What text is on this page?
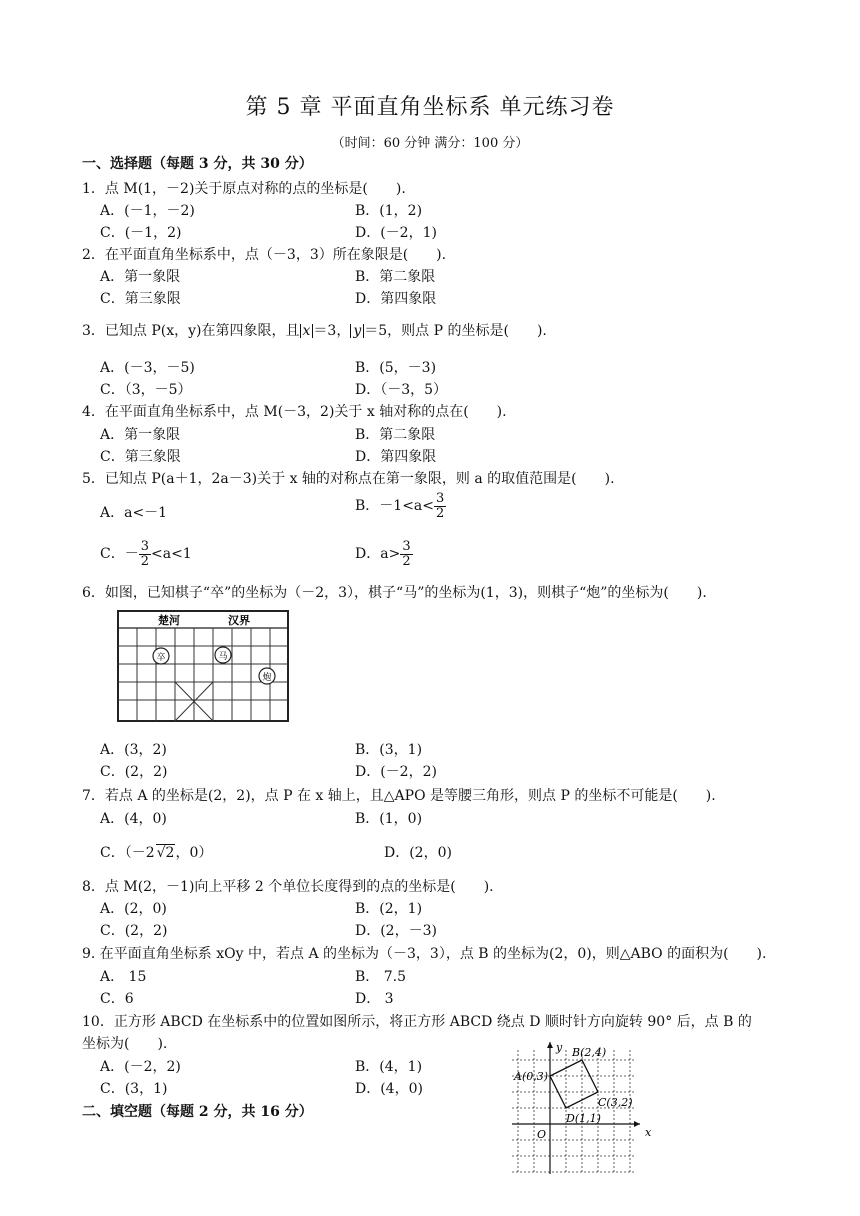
第 5 章 平面直角坐标系 单元练习卷
（时间：60 分钟 满分：100 分）
一、选择题（每题 3 分，共 30 分）
1．点 M(1，－2)关于原点对称的点的坐标是(　　).
A．(－1，－2)	B．(1，2)
C．(－1，2)	D．(－2，1)
2．在平面直角坐标系中，点（－3，3）所在象限是(　　).
A．第一象限	B．第二象限
C．第三象限	D．第四象限
3．已知点 P(x，y)在第四象限，且 x ＝3， y ＝5，则点 P 的坐标是(　　).
A．(－3，－5)	B．(5，－3)
C．（3，－5）	D．（－3，5）
4．在平面直角坐标系中，点 M(－3，2)关于 x 轴对称的点在(　　).
A．第一象限	B．第二象限
C．第三象限	D．第四象限
5．已知点 P(a＋1，2a－3)关于 x 轴的对称点在第一象限，则 a 的取值范围是(　　).
A．a<－1	B．$-1<a< \frac{3}{2}$
C．－ $\frac{3}{2} <a<1$	D．$a> \frac{3}{2}$
6．如图，已知棋子“卒”的坐标为（－2，3），棋子“马”的坐标为(1，3)，则棋子“炮”的坐标为(　　).
楚河	汉界
卒	马
炮
A．(3，2)	B．(3，1)
C．(2，2)	D．(－2，2)
7．若点 A 的坐标是(2，2)，点 P 在 x 轴上，且△APO 是等腰三角形，则点 P 的坐标不可能是(　　).
A．(4，0)	B．(1，0)
C．（－2 √2，0）	D．(2，0)
8．点 M(2，－1)向上平移 2 个单位长度得到的点的坐标是(　　).
A．(2，0)	B．(2，1)
C．(2，2)	D．(2，－3)
9. 在平面直角坐标系 xOy 中，若点 A 的坐标为（－3，3），点 B 的坐标为(2，0)，则△ABO 的面积为(　　).
A． 15	B． 7.5
C．6	D． 3
10．正方形 ABCD 在坐标系中的位置如图所示，将正方形 ABCD 绕点 D 顺时针方向旋转 90° 后，点 B 的
坐标为(　　).
A．(－2，2)	B．(4，1)
C．(3，1)	D．(4，0)
二、填空题（每题 2 分，共 16 分）
y
x
O
A(0,3)
B(2,4)
C(3,2)
D(1,1)
